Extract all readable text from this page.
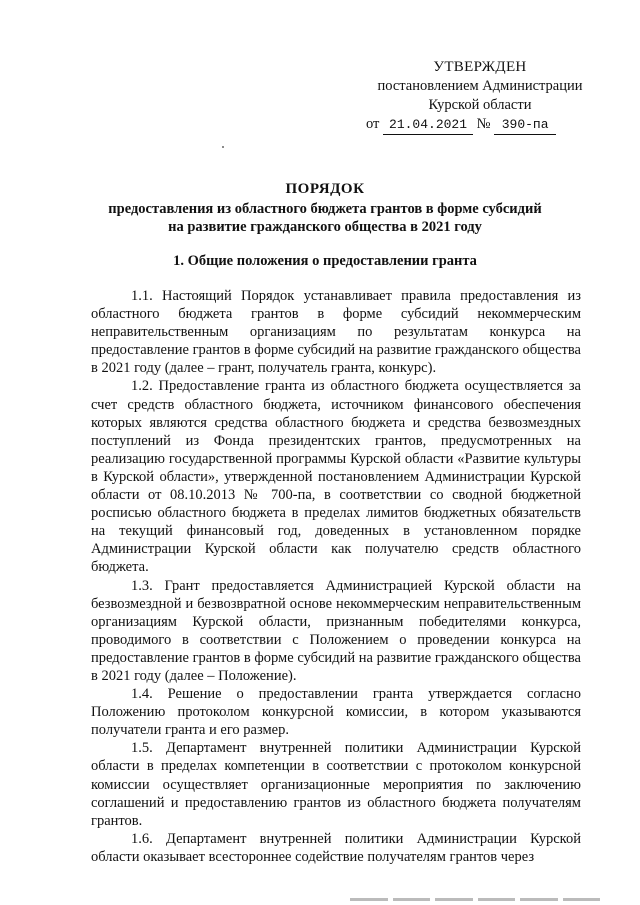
УТВЕРЖДЕН
постановлением Администрации
Курской области
от 21.04.2021 № 390-па
ПОРЯДОК
предоставления из областного бюджета грантов в форме субсидий
на развитие гражданского общества в 2021 году
1. Общие положения о предоставлении гранта

1.1. Настоящий Порядок устанавливает правила предоставления из областного бюджета грантов в форме субсидий некоммерческим неправительственным организациям по результатам конкурса на предоставление грантов в форме субсидий на развитие гражданского общества в 2021 году (далее – грант, получатель гранта, конкурс).

1.2. Предоставление гранта из областного бюджета осуществляется за счет средств областного бюджета, источником финансового обеспечения которых являются средства областного бюджета и средства безвозмездных поступлений из Фонда президентских грантов, предусмотренных на реализацию государственной программы Курской области «Развитие культуры в Курской области», утвержденной постановлением Администрации Курской области от 08.10.2013 № 700-па, в соответствии со сводной бюджетной росписью областного бюджета в пределах лимитов бюджетных обязательств на текущий финансовый год, доведенных в установленном порядке Администрации Курской области как получателю средств областного бюджета.

1.3. Грант предоставляется Администрацией Курской области на безвозмездной и безвозвратной основе некоммерческим неправительственным организациям Курской области, признанным победителями конкурса, проводимого в соответствии с Положением о проведении конкурса на предоставление грантов в форме субсидий на развитие гражданского общества в 2021 году (далее – Положение).

1.4. Решение о предоставлении гранта утверждается согласно Положению протоколом конкурсной комиссии, в котором указываются получатели гранта и его размер.

1.5. Департамент внутренней политики Администрации Курской области в пределах компетенции в соответствии с протоколом конкурсной комиссии осуществляет организационные мероприятия по заключению соглашений и предоставлению грантов из областного бюджета получателям грантов.

1.6. Департамент внутренней политики Администрации Курской области оказывает всестороннее содействие получателям грантов через
